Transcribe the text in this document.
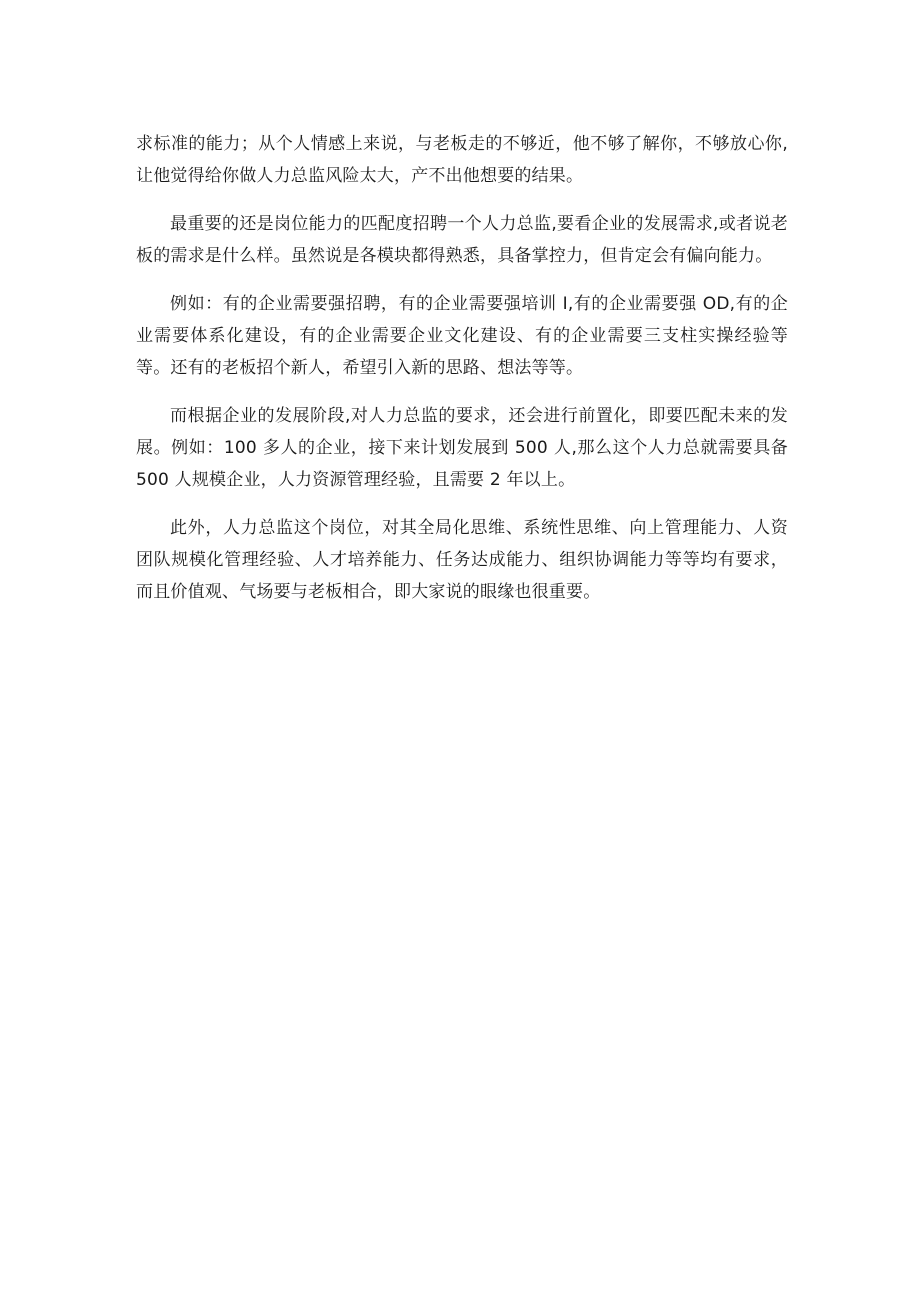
求标准的能力；从个人情感上来说，与老板走的不够近，他不够了解你，不够放心你,让他觉得给你做人力总监风险太大，产不出他想要的结果。

最重要的还是岗位能力的匹配度招聘一个人力总监,要看企业的发展需求,或者说老板的需求是什么样。虽然说是各模块都得熟悉，具备掌控力，但肯定会有偏向能力。

例如：有的企业需要强招聘，有的企业需要强培训 I,有的企业需要强 OD,有的企业需要体系化建设，有的企业需要企业文化建设、有的企业需要三支柱实操经验等等。还有的老板招个新人，希望引入新的思路、想法等等。

而根据企业的发展阶段,对人力总监的要求，还会进行前置化，即要匹配未来的发展。例如：100 多人的企业，接下来计划发展到 500 人,那么这个人力总就需要具备 500 人规模企业，人力资源管理经验，且需要 2 年以上。

此外，人力总监这个岗位，对其全局化思维、系统性思维、向上管理能力、人资团队规模化管理经验、人才培养能力、任务达成能力、组织协调能力等等均有要求，而且价值观、气场要与老板相合，即大家说的眼缘也很重要。
